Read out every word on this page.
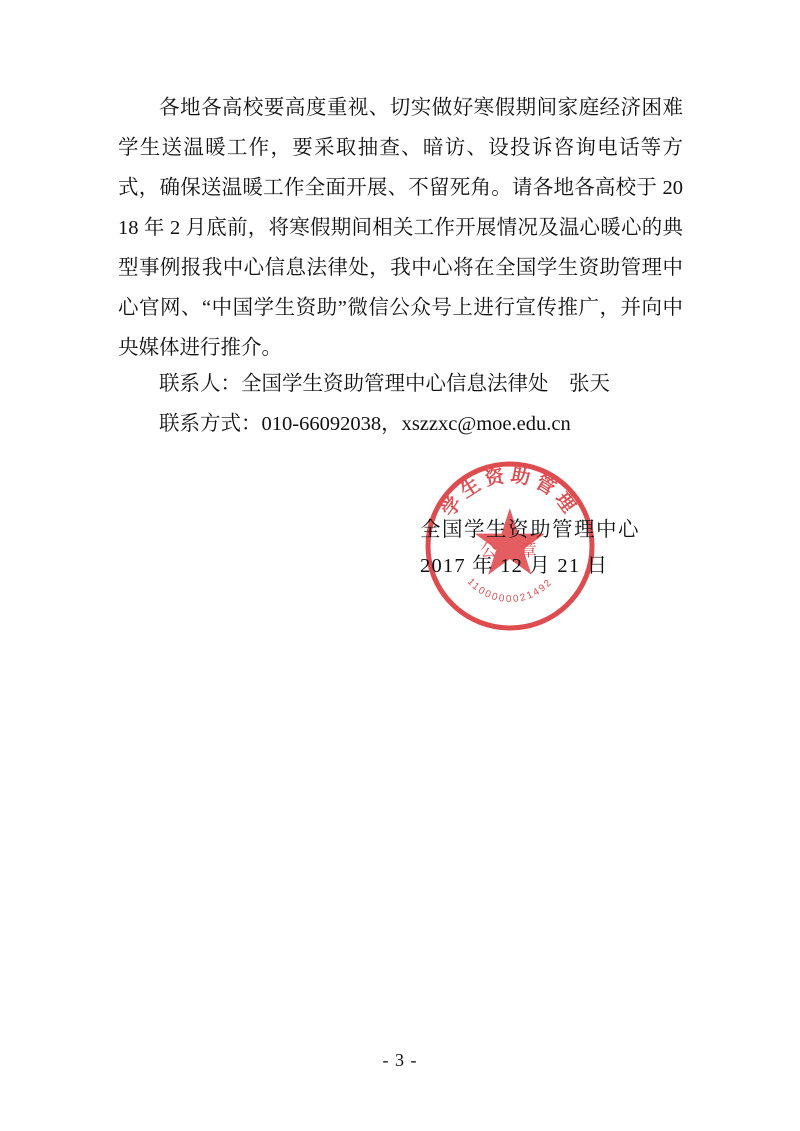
各地各高校要高度重视、切实做好寒假期间家庭经济困难学生送温暖工作，要采取抽查、暗访、设投诉咨询电话等方式，确保送温暖工作全面开展、不留死角。请各地各高校于 2018 年 2 月底前，将寒假期间相关工作开展情况及温心暖心的典型事例报我中心信息法律处，我中心将在全国学生资助管理中心官网、“中国学生资助”微信公众号上进行宣传推广，并向中央媒体进行推介。

联系人：全国学生资助管理中心信息法律处　张天

联系方式：010-66092038，xszzxc@moe.edu.cn

学生资助管理
1100000021492
公　章

全国学生资助管理中心

2017 年 12 月 21 日

- 3 -
